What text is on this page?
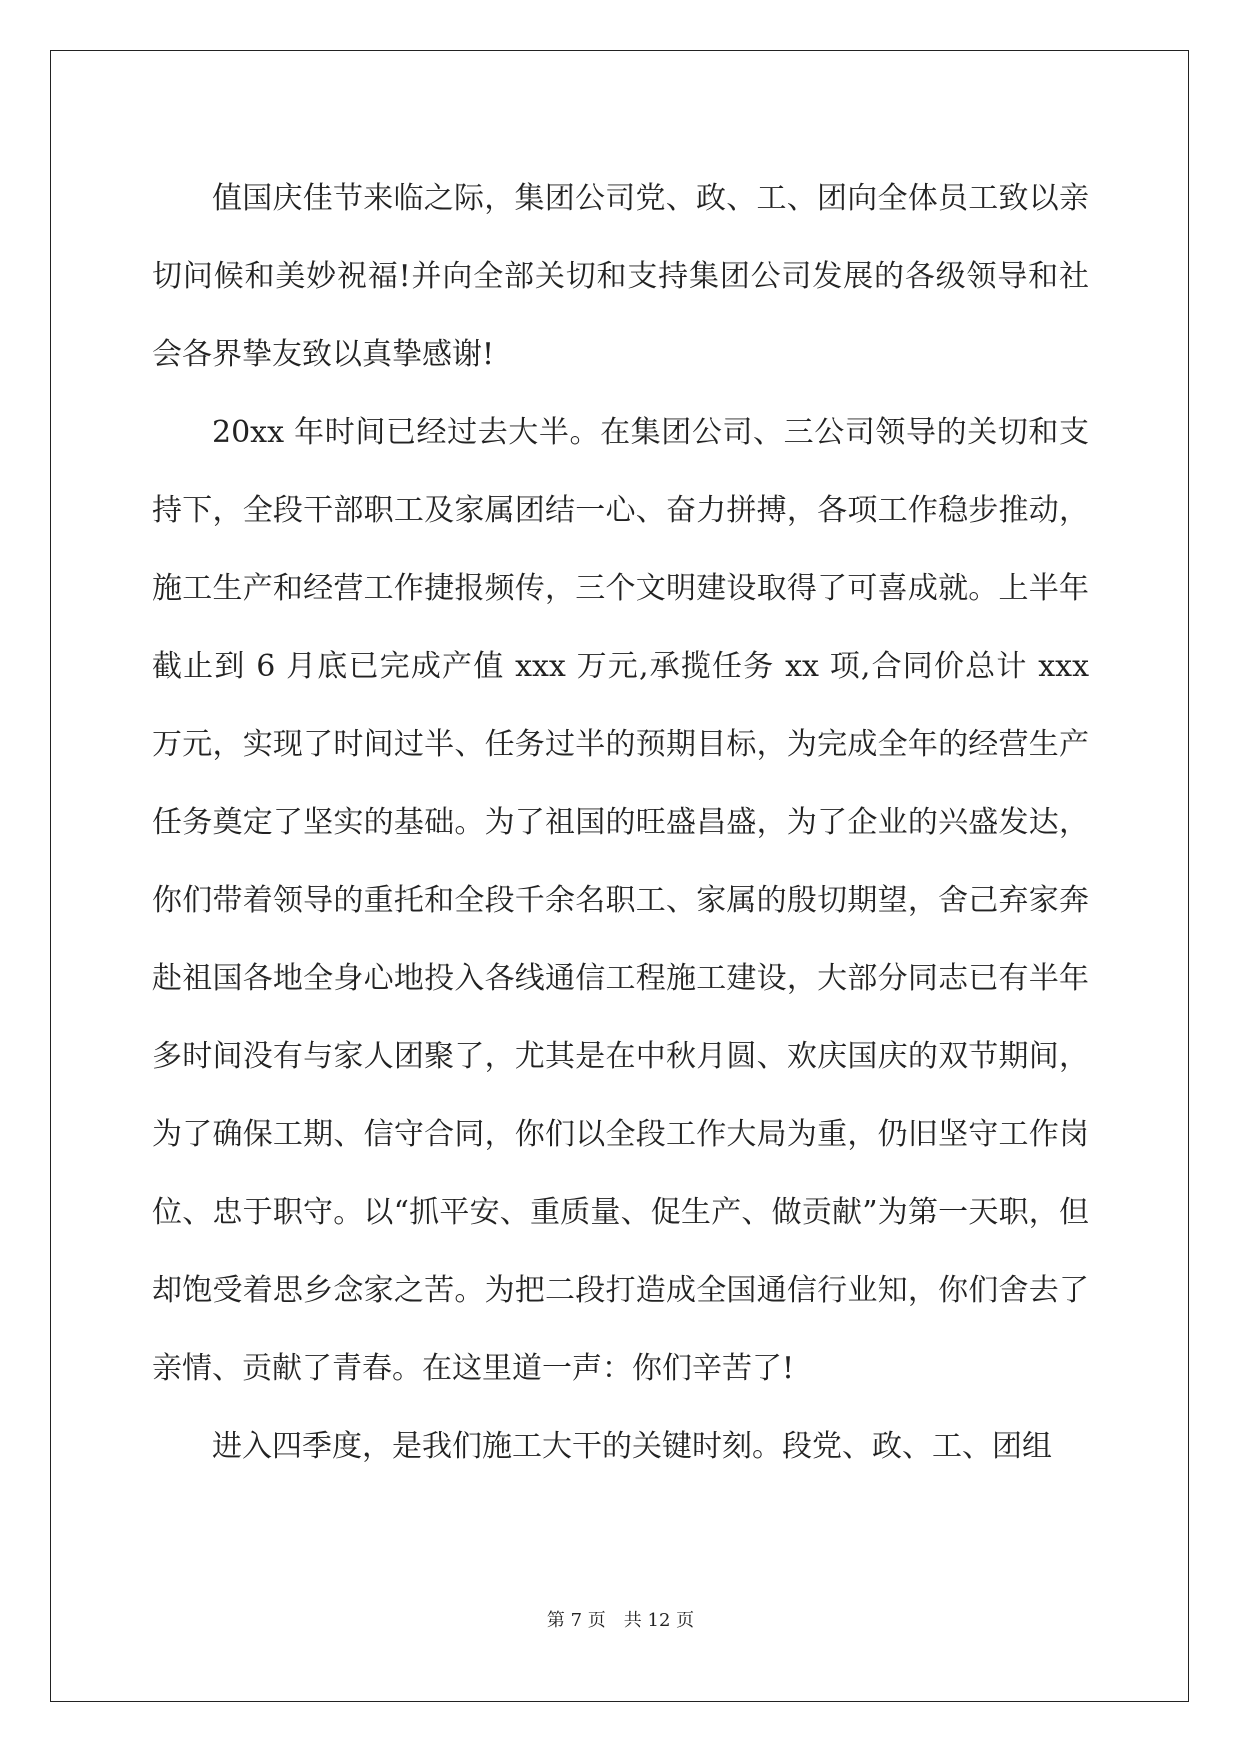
值国庆佳节来临之际，集团公司党、政、工、团向全体员工致以亲切问候和美妙祝福!并向全部关切和支持集团公司发展的各级领导和社会各界挚友致以真挚感谢!

20xx 年时间已经过去大半。在集团公司、三公司领导的关切和支持下，全段干部职工及家属团结一心、奋力拼搏，各项工作稳步推动，施工生产和经营工作捷报频传，三个文明建设取得了可喜成就。上半年截止到 6 月底已完成产值 xxx 万元,承揽任务 xx 项,合同价总计 xxx 万元，实现了时间过半、任务过半的预期目标，为完成全年的经营生产任务奠定了坚实的基础。为了祖国的旺盛昌盛，为了企业的兴盛发达，你们带着领导的重托和全段千余名职工、家属的殷切期望，舍己弃家奔赴祖国各地全身心地投入各线通信工程施工建设，大部分同志已有半年多时间没有与家人团聚了，尤其是在中秋月圆、欢庆国庆的双节期间，为了确保工期、信守合同，你们以全段工作大局为重，仍旧坚守工作岗位、忠于职守。以“抓平安、重质量、促生产、做贡献”为第一天职，但却饱受着思乡念家之苦。为把二段打造成全国通信行业知，你们舍去了亲情、贡献了青春。在这里道一声：你们辛苦了!

进入四季度，是我们施工大干的关键时刻。段党、政、工、团组

第 7 页　共 12 页
